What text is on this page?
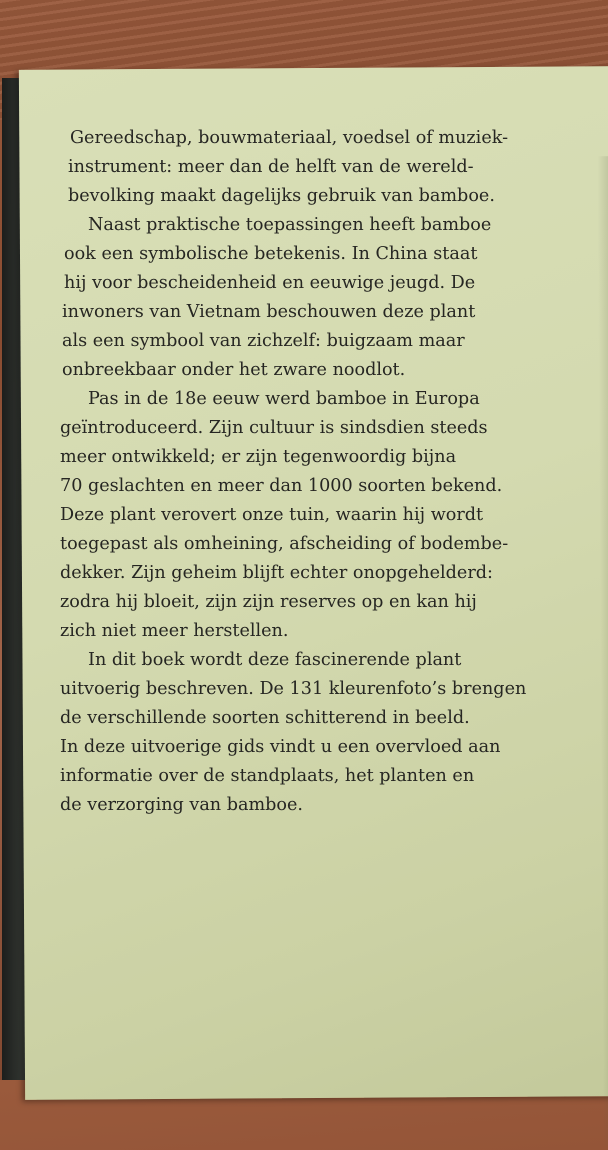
Gereedschap, bouwmateriaal, voedsel of muziek-
instrument: meer dan de helft van de wereld-
bevolking maakt dagelijks gebruik van bamboe.

Naast praktische toepassingen heeft bamboe
ook een symbolische betekenis. In China staat
hij voor bescheidenheid en eeuwige jeugd. De
inwoners van Vietnam beschouwen deze plant
als een symbool van zichzelf: buigzaam maar
onbreekbaar onder het zware noodlot.

Pas in de 18e eeuw werd bamboe in Europa
geïntroduceerd. Zijn cultuur is sindsdien steeds
meer ontwikkeld; er zijn tegenwoordig bijna
70 geslachten en meer dan 1000 soorten bekend.
Deze plant verovert onze tuin, waarin hij wordt
toegepast als omheining, afscheiding of bodembe-
dekker. Zijn geheim blijft echter onopgehelderd:
zodra hij bloeit, zijn zijn reserves op en kan hij
zich niet meer herstellen.

In dit boek wordt deze fascinerende plant
uitvoerig beschreven. De 131 kleurenfoto’s brengen
de verschillende soorten schitterend in beeld.
In deze uitvoerige gids vindt u een overvloed aan
informatie over de standplaats, het planten en
de verzorging van bamboe.
